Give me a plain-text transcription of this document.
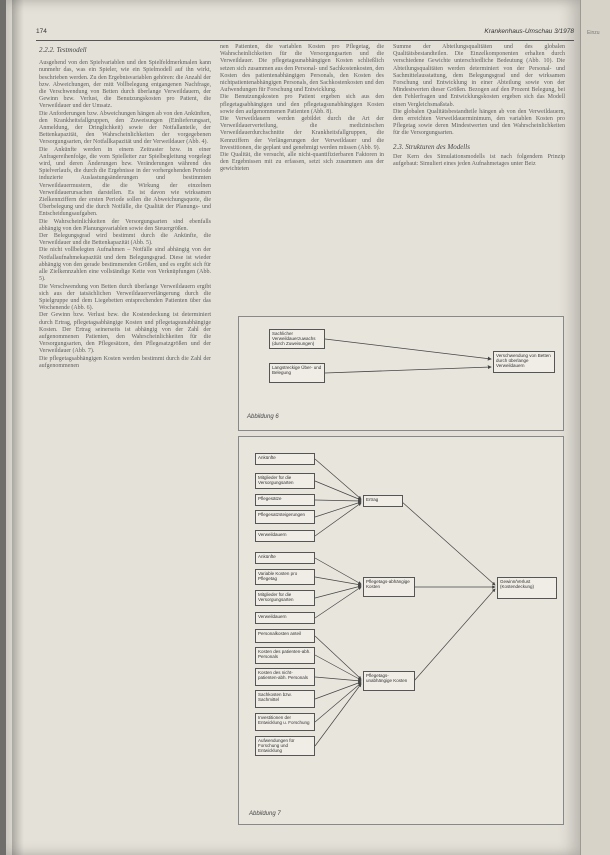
174	Krankenhaus-Umschau 3/1978

2.2.2. Testmodell

Ausgehend von den Spielvariablen und den Spielfeldmerkmalen kann nunmehr das, was ein Spieler, wie ein Spielmodell auf ihn wirkt, beschrieben werden. Zu den Ergebnisvariablen gehören: die Anzahl der bzw. Abweichungen, der mitt Vollbelegung entgangenen Nachfrage, die Verschwendung von Betten durch überlange Verweildauern, der Gewinn bzw. Verlust, die Benutzungskosten pro Patient, die Verweildauer und der Umsatz.

Die Anforderungen bzw. Abweichungen hängen ab von den Ankünften, den Krankheitsfallgruppen, den Zuweisungen (Einlieferungsart, Anmeldung, der Dringlichkeit) sowie der Notfallanteile, der Bettenkapazität, den Wahrscheinlichkeiten der vorgegebenen Versorgungsarten, der Notfallkapazität und der Verweildauer (Abb. 4).

Die Ankünfte werden in einem Zeitraster bzw. in einer Anfragereihenfolge, die vom Spielleiter zur Spielbegleitung vorgelegt wird, und deren Änderungen bzw. Veränderungen während des Spielverlaufs, die durch die Ergebnisse in der vorhergehenden Periode induzierte Auslastungsänderungen und bestimmten Verweildauermustern, die die Wirkung der einzelnen Verweildauerursachen darstellen. Es ist davon wie wirksamen Zielkennziffern der ersten Periode sollen die Abweichungsquote, die Überbelegung und die durch Notfälle, die Qualität der Planungs- und Entscheidungsaufgaben.

Die Wahrscheinlichkeiten der Versorgungsarten sind ebenfalls abhängig von den Planungsvariablen sowie den Steuergrößen.

Der Belegungsgrad wird bestimmt durch die Ankünfte, die Verweildauer und die Bettenkapazität (Abb. 5).

Die nicht vollbelegten Aufnahmen – Notfälle sind abhängig von der Notfallaufnahmekapazität und dem Belegungsgrad. Diese ist wieder abhängig von den gerade bestimmenden Größen, und es ergibt sich für alle Zielkennzahlen eine vollständige Kette von Verknüpfungen (Abb. 5).

Die Verschwendung von Betten durch überlange Verweildauern ergibt sich aus der tatsächlichen Verweildauerverlängerung durch die Spielgruppe und dem Liegebetten entsprechenden Patienten über das Wochenende (Abb. 6).

Der Gewinn bzw. Verlust bzw. die Kostendeckung ist determiniert durch Ertrag, pflegetagsabhängige Kosten und pflegetagsunabhängige Kosten. Der Ertrag seinerseits ist abhängig von der Zahl der aufgenommenen Patienten, den Wahrscheinlichkeiten für die Versorgungsarten, den Pflegesätzen, den Pflegesatzgrößen und der Verweildauer (Abb. 7).

Die pflegetagsabhängigen Kosten werden bestimmt durch die Zahl der aufgenommenen

nen Patienten, die variablen Kosten pro Pflegetag, die Wahrscheinlichkeiten für die Versorgungsarten und die Verweildauer. Die pflegetagsunabhängigen Kosten schließlich setzen sich zusammen aus den Personal- und Sachkostenkosten, den Kosten des patientenabhängigen Personals, den Kosten des nichtpatientenabhängigen Personals, den Sachkostenkosten und den Aufwendungen für Forschung und Entwicklung.

Die Benutzungskosten pro Patient ergeben sich aus den pflegetagsabhängigen und den pflegetagsunabhängigen Kosten sowie den aufgenommenen Patienten (Abb. 8).

Die Verweildauern werden gebildet durch die Art der Verweildauerverteilung, die medizinischen Verweildauerdurchschnitte der Krankheitsfallgruppen, die Kennziffern der Verlängerungen der Verweildauer und die Investitionen, die geplant und genehmigt werden müssen (Abb. 9).

Die Qualität, die versucht, alle nicht-quantifizierbaren Faktoren in den Ergebnissen mit zu erfassen, setzt sich zusammen aus der gewichteten

Summe der Abteilungsqualitäten und des globalen Qualitätsbestandteilen. Die Einzelkomponenten erhalten durch verschiedene Gewichte unterschiedliche Bedeutung (Abb. 10). Die Abteilungsqualitäten werden determiniert von der Personal- und Sachmittelausstattung, dem Belegungsgrad und der wirksamen Forschung und Entwicklung in einer Abteilung sowie von der Mindestwerten dieser Größen. Bezogen auf den Prozent Belegung, bei den Fehlerfragen und Entwicklungskosten ergeben sich das Modell einen Vergleichsmaßstab.

Die globalen Qualitätsbestandteile hängen ab von den Verweildauern, dem erreichten Verweildauerminimum, den variablen Kosten pro Pflegetag sowie deren Mindestwerten und den Wahrscheinlichkeiten für die Versorgungsarten.

2.3. Strukturen des Modells

Der Kern des Simulationsmodells ist nach folgendem Prinzip aufgebaut: Simuliert eines jeden Aufnahmetages unter Beiz

Sachlicher Verweildauerzuwachs (durch Zuweisungen)
Langstreckige Über- und Belegung
Verschwendung von Betten durch überlange Verweildauern
Abbildung 6
Ankünfte
Mitglieder für die Versorgungsarten
Pflegesätze
Pflegesatzsteigerungen
Verweildauern
Ankünfte
Variable Kosten pro Pflegetag
Mitglieder für die Versorgungsarten
Verweildauern
Personalkosten anteil
Kosten des patienten-abh. Personals
Kosten des nicht-patienten-abh. Personals
Sachkosten bzw. Sachmittel
Investitionen der Entwicklung u. Forschung
Aufwendungen für Forschung und Entwicklung
Ertrag
Pflegetags-abhängige Kosten
Pflegetags-unabhängige Kosten
Gewinn/Verlust (Kostendeckung)
Abbildung 7
Einzu
